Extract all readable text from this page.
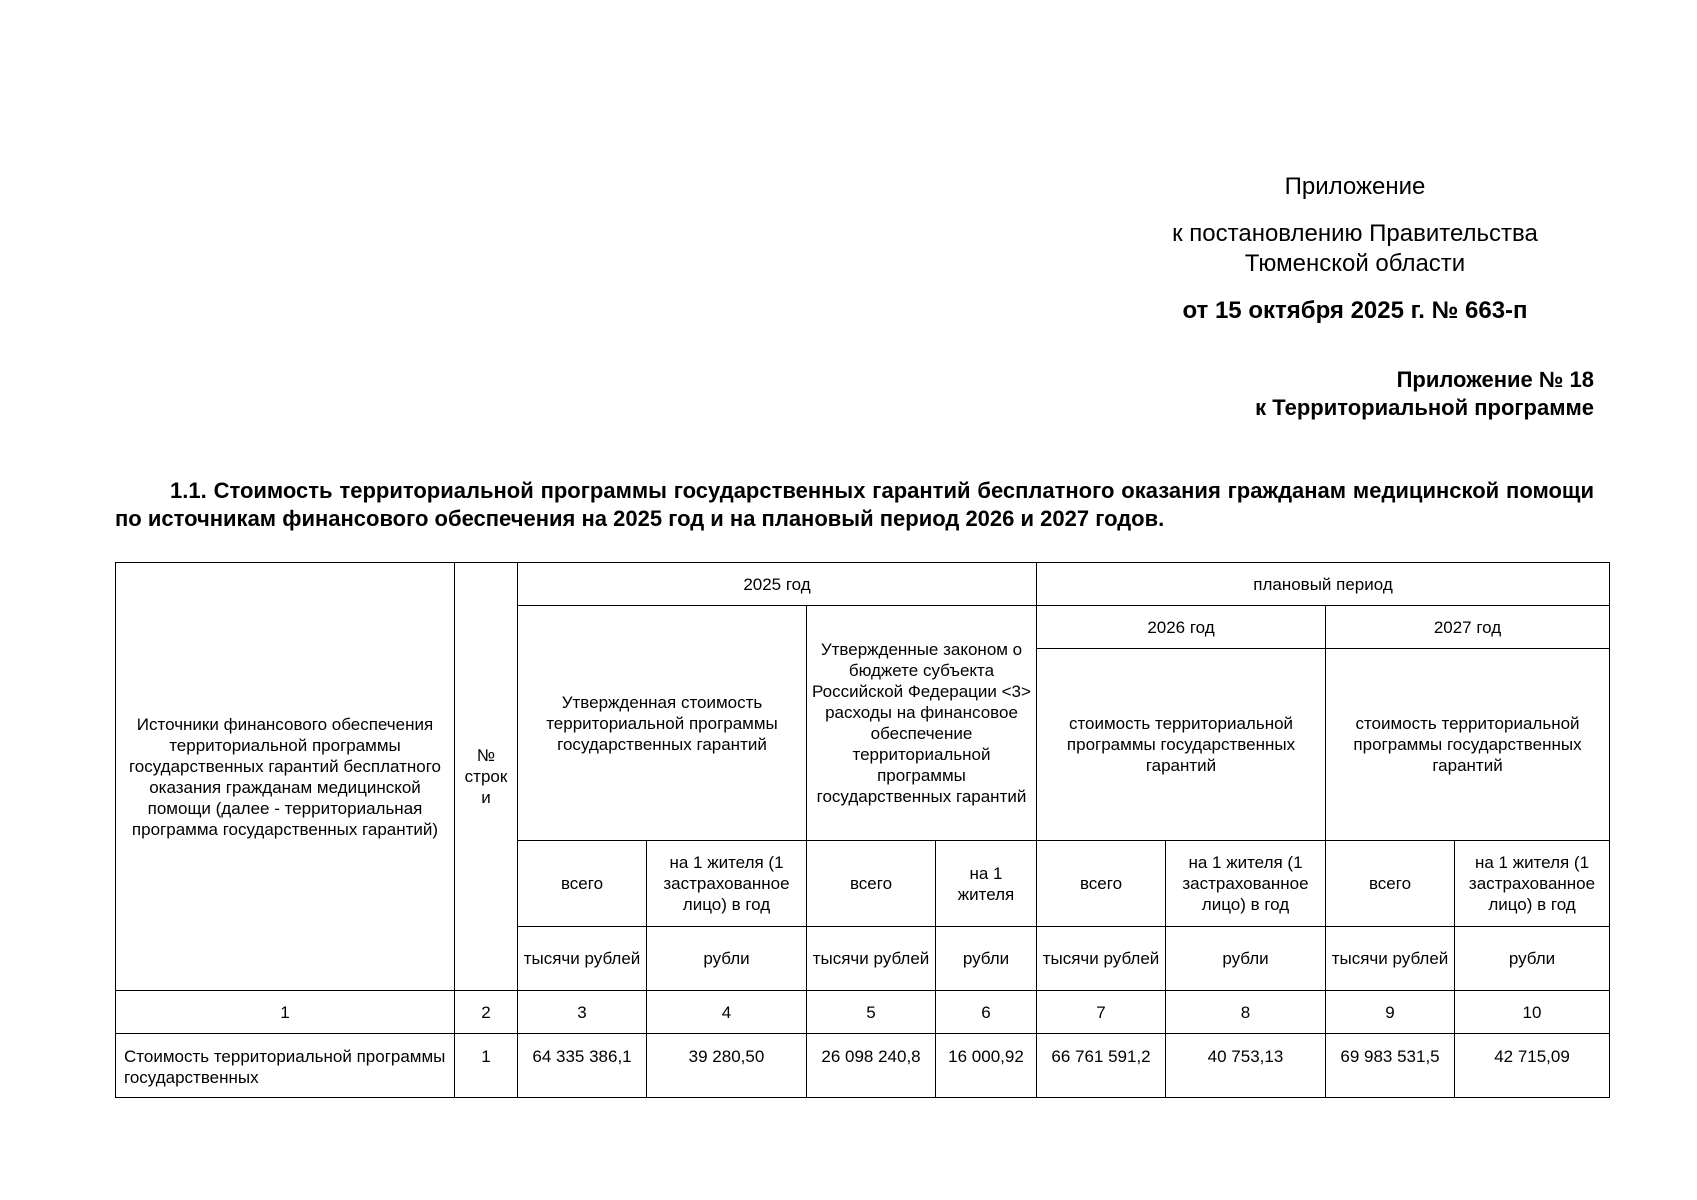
Приложение
к постановлению Правительства
Тюменской области
от 15 октября 2025 г. № 663-п
Приложение № 18
к Территориальной программе
1.1. Стоимость территориальной программы государственных гарантий бесплатного оказания гражданам медицинской помощи по источникам финансового обеспечения на 2025 год и на плановый период 2026 и 2027 годов.
Источники финансового обеспечения территориальной программы государственных гарантий бесплатного оказания гражданам медицинской помощи (далее - территориальная программа государственных гарантий)	№ строк и	2025 год				плановый период			
		Утвержденная стоимость территориальной программы государственных гарантий		Утвержденные законом о бюджете субъекта Российской Федерации <3> расходы на финансовое обеспечение территориальной программы государственных гарантий		2026 год		2027 год	
						стоимость территориальной программы государственных гарантий		стоимость территориальной программы государственных гарантий	
		всего	на 1 жителя (1 застрахованное лицо) в год	всего	на 1 жителя	всего	на 1 жителя (1 застрахованное лицо) в год	всего	на 1 жителя (1 застрахованное лицо) в год
		тысячи рублей	рубли	тысячи рублей	рубли	тысячи рублей	рубли	тысячи рублей	рубли
1	2	3	4	5	6	7	8	9	10
Стоимость территориальной программы государственных	1	64 335 386,1	39 280,50	26 098 240,8	16 000,92	66 761 591,2	40 753,13	69 983 531,5	42 715,09
